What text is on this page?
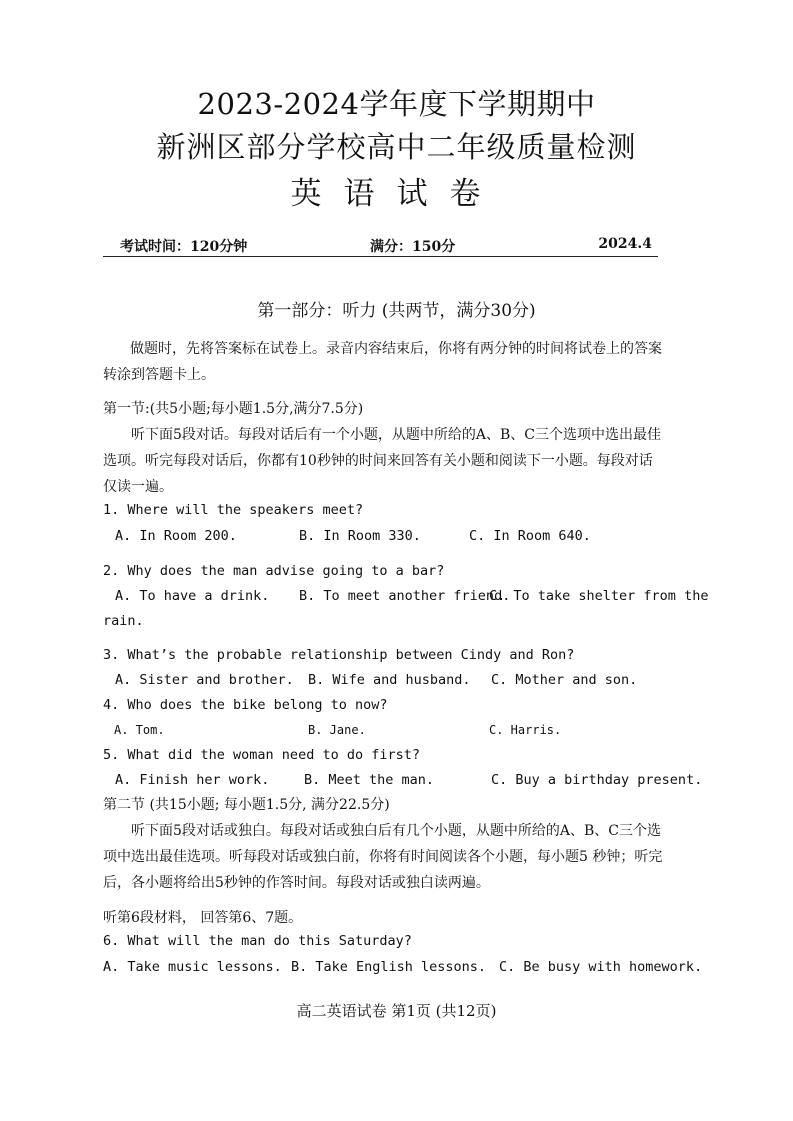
2023-2024学年度下学期期中
新洲区部分学校高中二年级质量检测
英语试卷
考试时间：120分钟	满分：150分	2024.4
第一部分：听力 (共两节，满分30分)
做题时，先将答案标在试卷上。录音内容结束后，你将有两分钟的时间将试卷上的答案
转涂到答题卡上。
第一节:(共5小题;每小题1.5分,满分7.5分)
听下面5段对话。每段对话后有一个小题，从题中所给的A、B、C三个选项中选出最佳
选项。听完每段对话后，你都有10秒钟的时间来回答有关小题和阅读下一小题。每段对话
仅读一遍。
1. Where will the speakers meet?
A. In Room 200.	B. In Room 330.	C. In Room 640.
2. Why does the man advise going to a bar?
A. To have a drink. B. To meet another friend.
C. To take shelter from the
rain.
3. What’s the probable relationship between Cindy and Ron?
A. Sister and brother. B. Wife and husband. C. Mother and son.
4. Who does the bike belong to now?
A. Tom.	B. Jane.	C. Harris.
5. What did the woman need to do first?
A. Finish her work.	B. Meet the man.	C. Buy a birthday present.
第二节 (共15小题; 每小题1.5分, 满分22.5分)
听下面5段对话或独白。每段对话或独白后有几个小题，从题中所给的A、B、C三个选
项中选出最佳选项。听每段对话或独白前，你将有时间阅读各个小题，每小题5 秒钟；听完
后，各小题将给出5秒钟的作答时间。每段对话或独白读两遍。
听第6段材料， 回答第6、7题。
6. What will the man do this Saturday?
A. Take music lessons. B. Take English lessons. C. Be busy with homework.
高二英语试卷 第1页 (共12页)
